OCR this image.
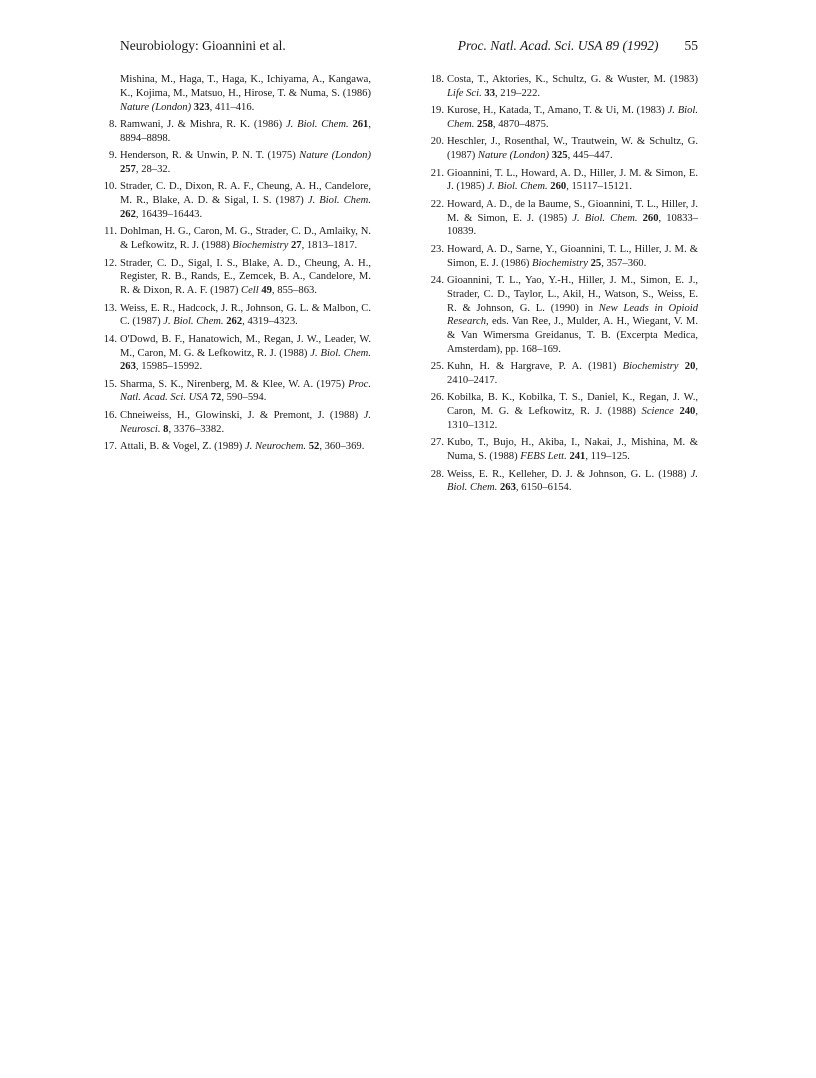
Neurobiology: Gioannini et al.	Proc. Natl. Acad. Sci. USA 89 (1992) 55
Mishina, M., Haga, T., Haga, K., Ichiyama, A., Kangawa, K., Kojima, M., Matsuo, H., Hirose, T. & Numa, S. (1986) Nature (London) 323, 411–416.
8. Ramwani, J. & Mishra, R. K. (1986) J. Biol. Chem. 261, 8894–8898.
9. Henderson, R. & Unwin, P. N. T. (1975) Nature (London) 257, 28–32.
10. Strader, C. D., Dixon, R. A. F., Cheung, A. H., Candelore, M. R., Blake, A. D. & Sigal, I. S. (1987) J. Biol. Chem. 262, 16439–16443.
11. Dohlman, H. G., Caron, M. G., Strader, C. D., Amlaiky, N. & Lefkowitz, R. J. (1988) Biochemistry 27, 1813–1817.
12. Strader, C. D., Sigal, I. S., Blake, A. D., Cheung, A. H., Register, R. B., Rands, E., Zemcek, B. A., Candelore, M. R. & Dixon, R. A. F. (1987) Cell 49, 855–863.
13. Weiss, E. R., Hadcock, J. R., Johnson, G. L. & Malbon, C. C. (1987) J. Biol. Chem. 262, 4319–4323.
14. O'Dowd, B. F., Hanatowich, M., Regan, J. W., Leader, W. M., Caron, M. G. & Lefkowitz, R. J. (1988) J. Biol. Chem. 263, 15985–15992.
15. Sharma, S. K., Nirenberg, M. & Klee, W. A. (1975) Proc. Natl. Acad. Sci. USA 72, 590–594.
16. Chneiweiss, H., Glowinski, J. & Premont, J. (1988) J. Neurosci. 8, 3376–3382.
17. Attali, B. & Vogel, Z. (1989) J. Neurochem. 52, 360–369.
18. Costa, T., Aktories, K., Schultz, G. & Wuster, M. (1983) Life Sci. 33, 219–222.
19. Kurose, H., Katada, T., Amano, T. & Ui, M. (1983) J. Biol. Chem. 258, 4870–4875.
20. Heschler, J., Rosenthal, W., Trautwein, W. & Schultz, G. (1987) Nature (London) 325, 445–447.
21. Gioannini, T. L., Howard, A. D., Hiller, J. M. & Simon, E. J. (1985) J. Biol. Chem. 260, 15117–15121.
22. Howard, A. D., de la Baume, S., Gioannini, T. L., Hiller, J. M. & Simon, E. J. (1985) J. Biol. Chem. 260, 10833–10839.
23. Howard, A. D., Sarne, Y., Gioannini, T. L., Hiller, J. M. & Simon, E. J. (1986) Biochemistry 25, 357–360.
24. Gioannini, T. L., Yao, Y.-H., Hiller, J. M., Simon, E. J., Strader, C. D., Taylor, L., Akil, H., Watson, S., Weiss, E. R. & Johnson, G. L. (1990) in New Leads in Opioid Research, eds. Van Ree, J., Mulder, A. H., Wiegant, V. M. & Van Wimersma Greidanus, T. B. (Excerpta Medica, Amsterdam), pp. 168–169.
25. Kuhn, H. & Hargrave, P. A. (1981) Biochemistry 20, 2410–2417.
26. Kobilka, B. K., Kobilka, T. S., Daniel, K., Regan, J. W., Caron, M. G. & Lefkowitz, R. J. (1988) Science 240, 1310–1312.
27. Kubo, T., Bujo, H., Akiba, I., Nakai, J., Mishina, M. & Numa, S. (1988) FEBS Lett. 241, 119–125.
28. Weiss, E. R., Kelleher, D. J. & Johnson, G. L. (1988) J. Biol. Chem. 263, 6150–6154.
